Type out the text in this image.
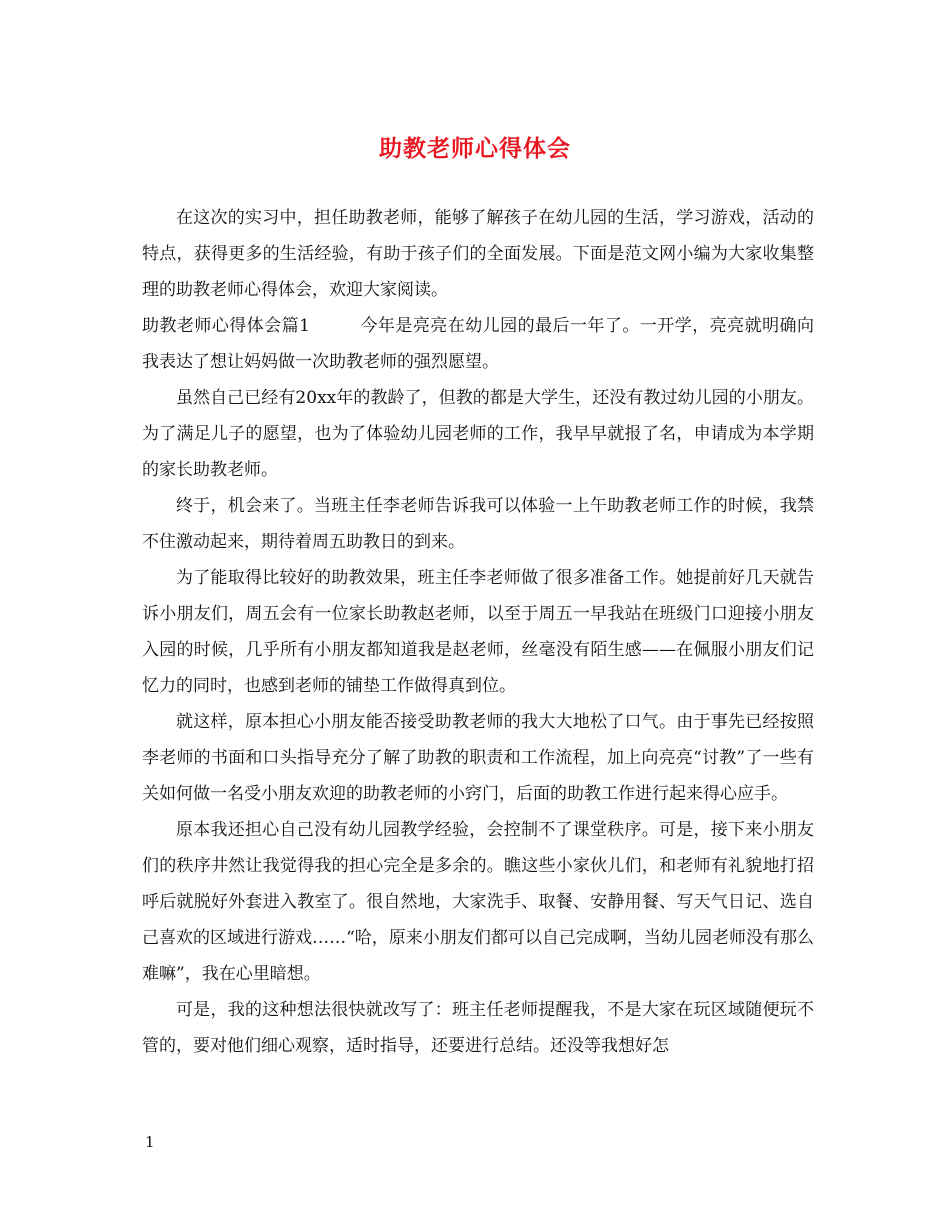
助教老师心得体会

在这次的实习中，担任助教老师，能够了解孩子在幼儿园的生活，学习游戏，活动的特点，获得更多的生活经验，有助于孩子们的全面发展。下面是范文网小编为大家收集整理的助教老师心得体会，欢迎大家阅读。

助教老师心得体会篇1	今年是亮亮在幼儿园的最后一年了。一开学，亮亮就明确向我表达了想让妈妈做一次助教老师的强烈愿望。

虽然自己已经有20xx年的教龄了，但教的都是大学生，还没有教过幼儿园的小朋友。为了满足儿子的愿望，也为了体验幼儿园老师的工作，我早早就报了名，申请成为本学期的家长助教老师。

终于，机会来了。当班主任李老师告诉我可以体验一上午助教老师工作的时候，我禁不住激动起来，期待着周五助教日的到来。

为了能取得比较好的助教效果，班主任李老师做了很多准备工作。她提前好几天就告诉小朋友们，周五会有一位家长助教赵老师，以至于周五一早我站在班级门口迎接小朋友入园的时候，几乎所有小朋友都知道我是赵老师，丝毫没有陌生感——在佩服小朋友们记忆力的同时，也感到老师的铺垫工作做得真到位。

就这样，原本担心小朋友能否接受助教老师的我大大地松了口气。由于事先已经按照李老师的书面和口头指导充分了解了助教的职责和工作流程，加上向亮亮“讨教”了一些有关如何做一名受小朋友欢迎的助教老师的小窍门，后面的助教工作进行起来得心应手。

原本我还担心自己没有幼儿园教学经验，会控制不了课堂秩序。可是，接下来小朋友们的秩序井然让我觉得我的担心完全是多余的。瞧这些小家伙儿们，和老师有礼貌地打招呼后就脱好外套进入教室了。很自然地，大家洗手、取餐、安静用餐、写天气日记、选自己喜欢的区域进行游戏……“哈，原来小朋友们都可以自己完成啊，当幼儿园老师没有那么难嘛”，我在心里暗想。

可是，我的这种想法很快就改写了：班主任老师提醒我，不是大家在玩区域随便玩不管的，要对他们细心观察，适时指导，还要进行总结。还没等我想好怎

1
